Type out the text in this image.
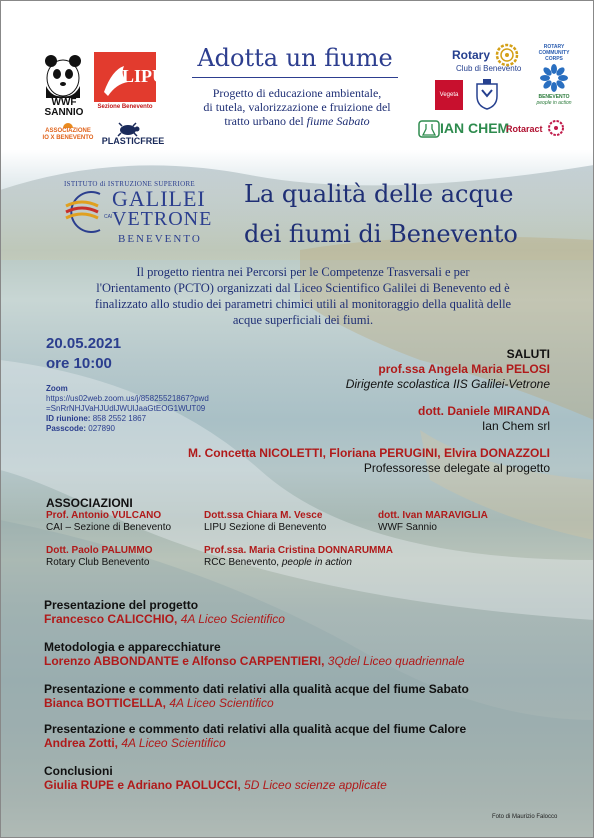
WWF
SANNIO
LIPU
Sezione Benevento
ASSOCIAZIONE
IO X BENEVENTO PLASTICFREE
Adotta un fiume
Progetto di educazione ambientale,
di tutela, valorizzazione e fruizione del
tratto urbano del fiume Sabato
Rotary
Club di Benevento
ROTARY COMMUNITY CORPS
BENEVENTO
people in action
Vegeta
IAN CHEM
Rotaract
ISTITUTO di ISTRUZIONE SUPERIORE
GALILEI
CAI VETRONE
BENEVENTO
La qualità delle acque
dei fiumi di Benevento
Il progetto rientra nei Percorsi per le Competenze Trasversali e per
l'Orientamento (PCTO) organizzati dal Liceo Scientifico Galilei di Benevento ed è
finalizzato allo studio dei parametri chimici utili al monitoraggio della qualità delle
acque superficiali dei fiumi.
20.05.2021
ore 10:00
Zoom
https://us02web.zoom.us/j/85825521867?pwd
=SnRrNHJVaHJUdlJWUlJaaGtEOG1WUT09
ID riunione: 858 2552 1867
Passcode: 027890
SALUTI
prof.ssa Angela Maria PELOSI
Dirigente scolastica IIS Galilei-Vetrone
dott. Daniele MIRANDA
Ian Chem srl
M. Concetta NICOLETTI, Floriana PERUGINI, Elvira DONAZZOLI
Professoresse delegate al progetto
ASSOCIAZIONI
Prof. Antonio VULCANO
CAI – Sezione di Benevento
Dott.ssa Chiara M. Vesce
LIPU Sezione di Benevento
dott. Ivan MARAVIGLIA
WWF Sannio
Dott. Paolo PALUMMO
Rotary Club Benevento
Prof.ssa. Maria Cristina DONNARUMMA
RCC Benevento, people in action
Presentazione del progetto
Francesco CALICCHIO, 4A Liceo Scientifico
Metodologia e apparecchiature
Lorenzo ABBONDANTE e Alfonso CARPENTIERI, 3Qdel Liceo quadriennale
Presentazione e commento dati relativi alla qualità acque del fiume Sabato
Bianca BOTTICELLA, 4A Liceo Scientifico
Presentazione e commento dati relativi alla qualità acque del fiume Calore
Andrea Zotti, 4A Liceo Scientifico
Conclusioni
Giulia RUPE e Adriano PAOLUCCI, 5D Liceo scienze applicate
Foto di Maurizio Falocco
